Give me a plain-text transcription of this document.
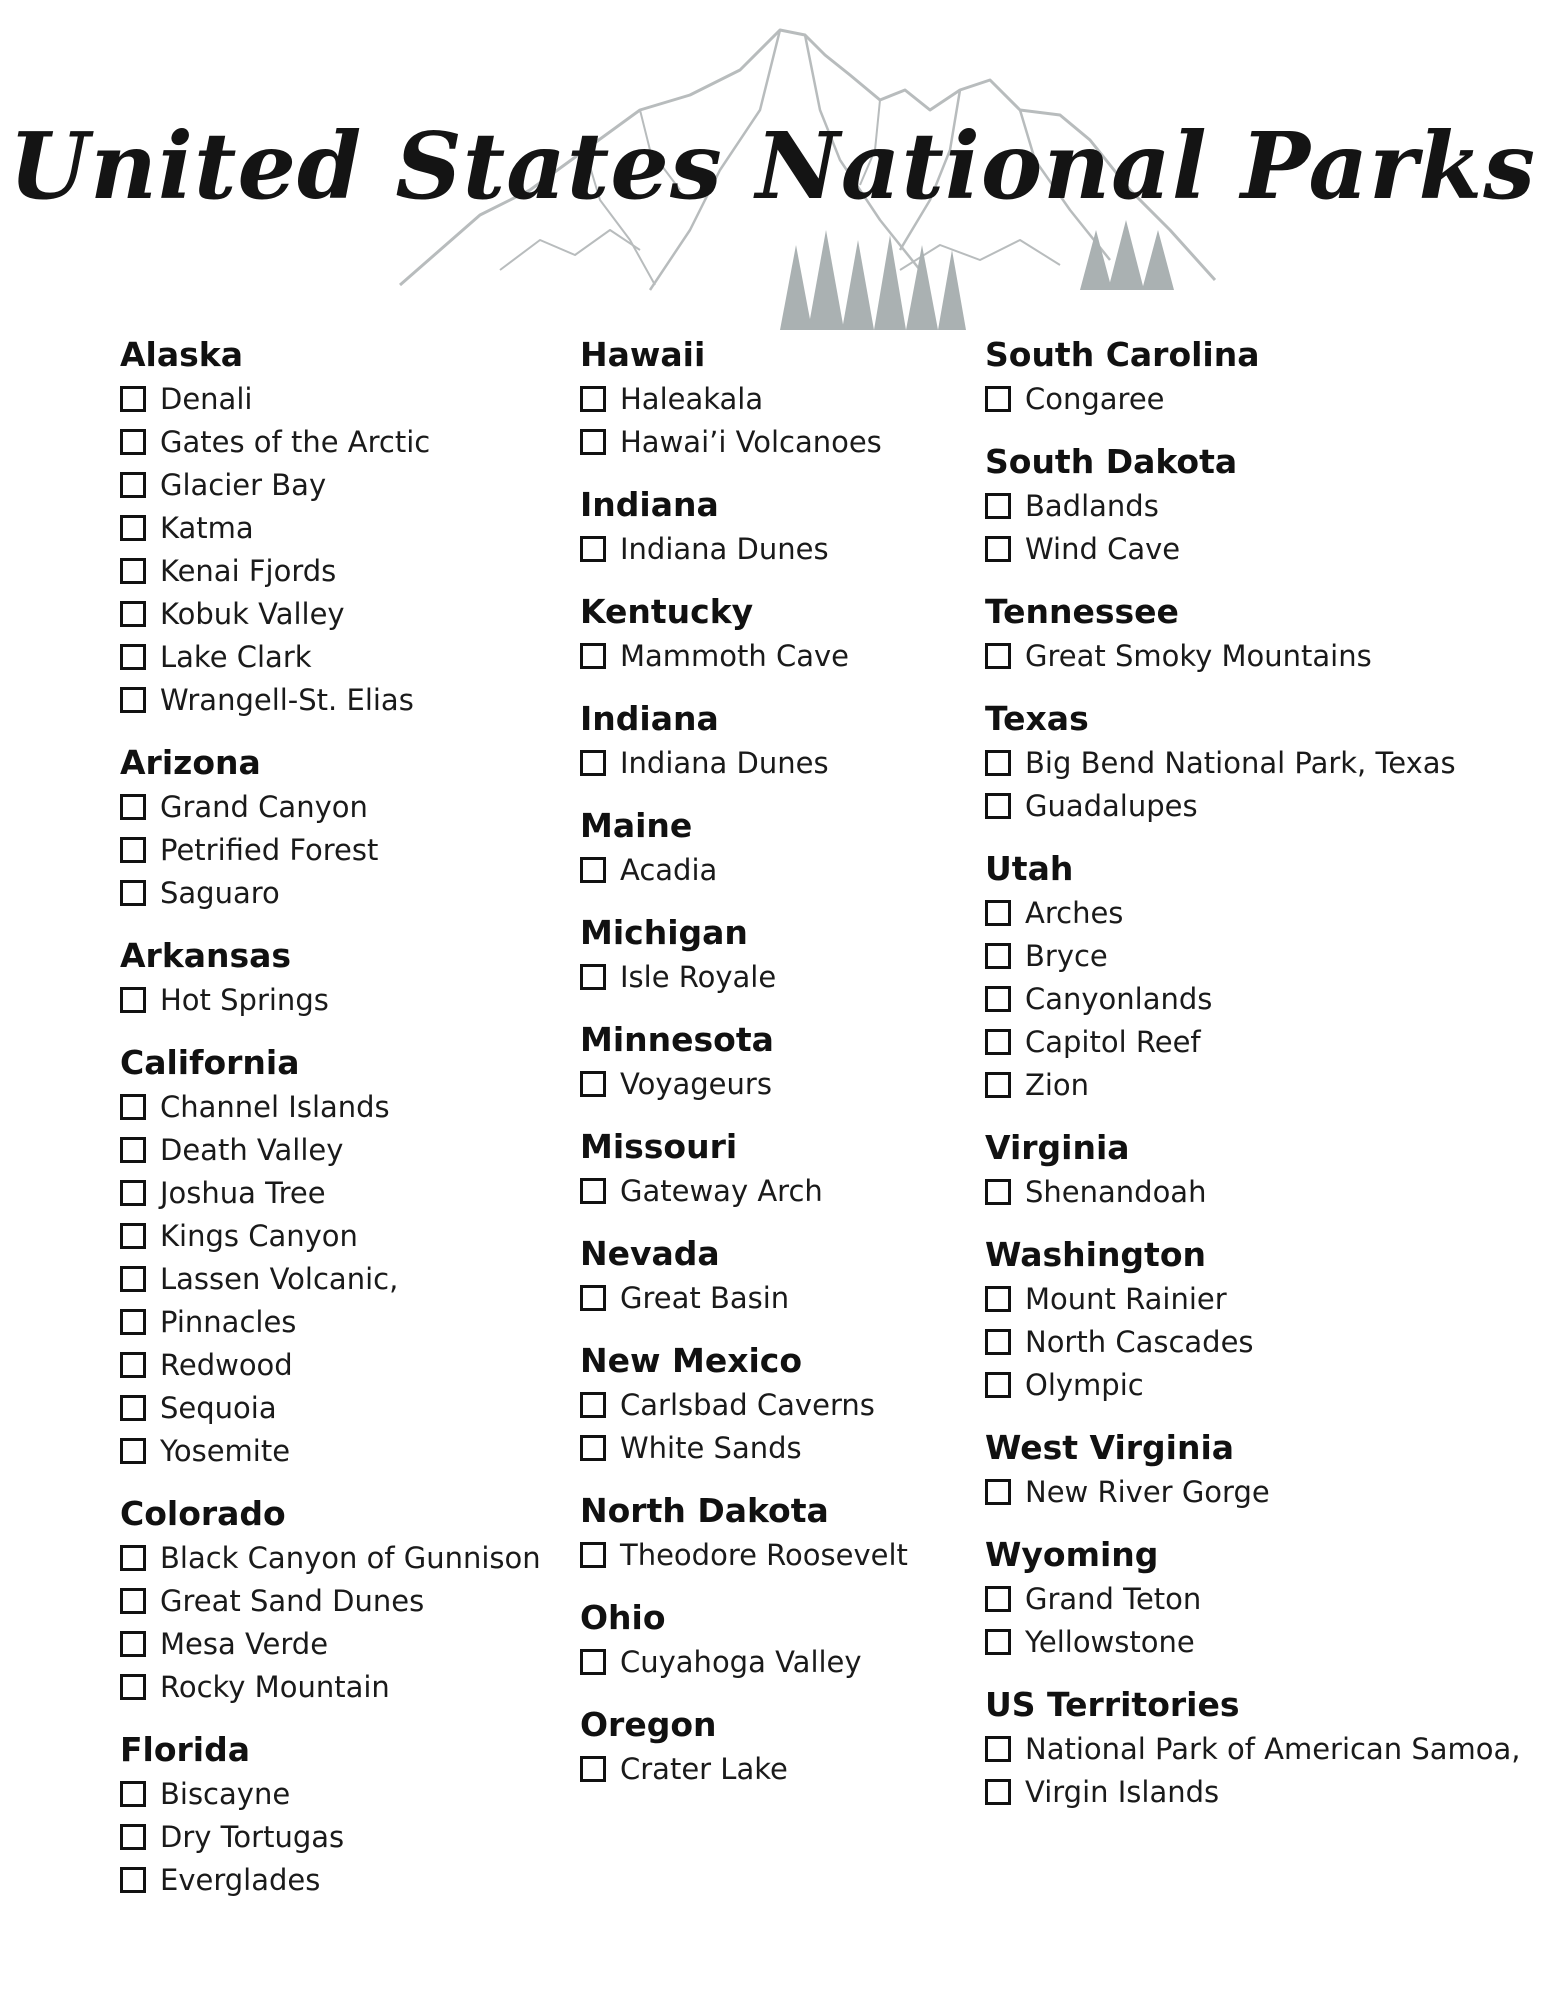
United States National Parks
Alaska
Denali
Gates of the Arctic
Glacier Bay
Katma
Kenai Fjords
Kobuk Valley
Lake Clark
Wrangell-St. Elias
Arizona
Grand Canyon
Petrified Forest
Saguaro
Arkansas
Hot Springs
California
Channel Islands
Death Valley
Joshua Tree
Kings Canyon
Lassen Volcanic,
Pinnacles
Redwood
Sequoia
Yosemite
Colorado
Black Canyon of Gunnison
Great Sand Dunes
Mesa Verde
Rocky Mountain
Florida
Biscayne
Dry Tortugas
Everglades
Hawaii
Haleakala
Hawai’i Volcanoes
Indiana
Indiana Dunes
Kentucky
Mammoth Cave
Indiana
Indiana Dunes
Maine
Acadia
Michigan
Isle Royale
Minnesota
Voyageurs
Missouri
Gateway Arch
Nevada
Great Basin
New Mexico
Carlsbad Caverns
White Sands
North Dakota
Theodore Roosevelt
Ohio
Cuyahoga Valley
Oregon
Crater Lake
South Carolina
Congaree
South Dakota
Badlands
Wind Cave
Tennessee
Great Smoky Mountains
Texas
Big Bend National Park, Texas
Guadalupes
Utah
Arches
Bryce
Canyonlands
Capitol Reef
Zion
Virginia
Shenandoah
Washington
Mount Rainier
North Cascades
Olympic
West Virginia
New River Gorge
Wyoming
Grand Teton
Yellowstone
US Territories
National Park of American Samoa,
Virgin Islands
